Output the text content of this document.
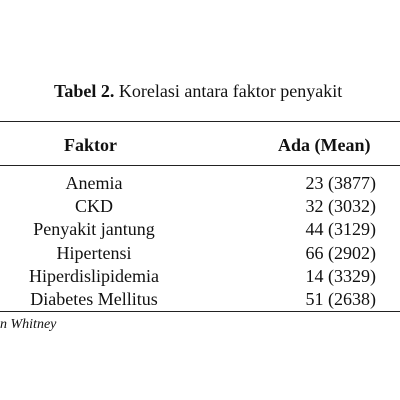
Tabel 2. Korelasi antara faktor penyakit
Faktor	Ada (Mean)
Anemia	23 (3877)
CKD	32 (3032)
Penyakit jantung	44 (3129)
Hipertensi	66 (2902)
Hiperdislipidemia	14 (3329)
Diabetes Mellitus	51 (2638)
n Whitney
